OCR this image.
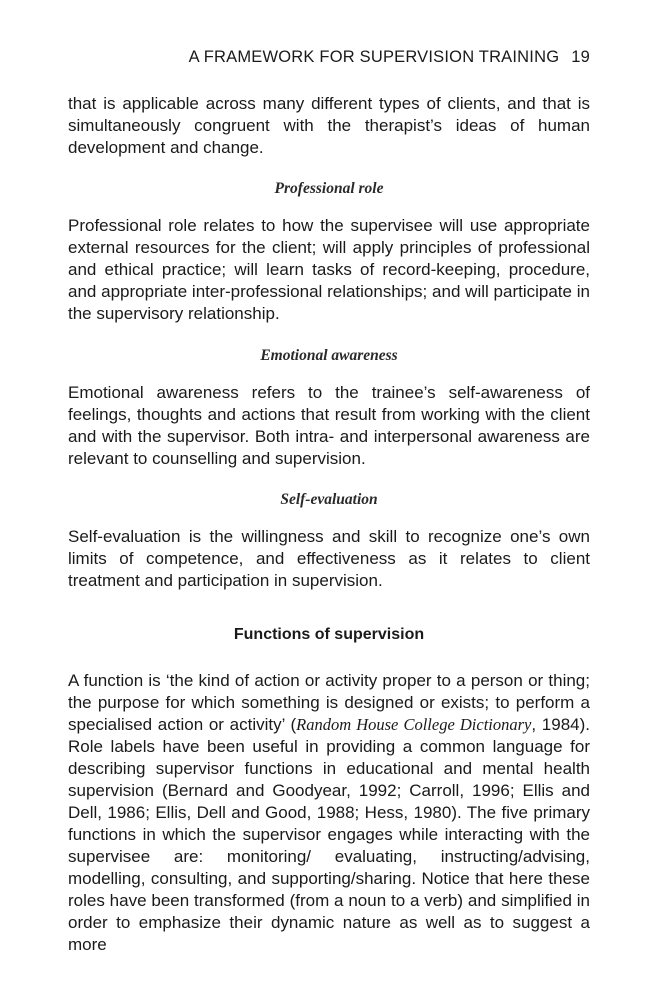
A FRAMEWORK FOR SUPERVISION TRAINING 19

that is applicable across many different types of clients, and that is simultaneously congruent with the therapist’s ideas of human development and change.

Professional role

Professional role relates to how the supervisee will use appropriate external resources for the client; will apply principles of professional and ethical practice; will learn tasks of record-keeping, procedure, and appropriate inter-professional relationships; and will participate in the supervisory relationship.

Emotional awareness

Emotional awareness refers to the trainee’s self-awareness of feelings, thoughts and actions that result from working with the client and with the supervisor. Both intra- and interpersonal awareness are relevant to counselling and supervision.

Self-evaluation

Self-evaluation is the willingness and skill to recognize one’s own limits of competence, and effectiveness as it relates to client treatment and participation in supervision.

Functions of supervision

A function is ‘the kind of action or activity proper to a person or thing; the purpose for which something is designed or exists; to perform a specialised action or activity’ (Random House College Dictionary, 1984). Role labels have been useful in providing a common language for describing supervisor functions in educational and mental health supervision (Bernard and Goodyear, 1992; Carroll, 1996; Ellis and Dell, 1986; Ellis, Dell and Good, 1988; Hess, 1980). The five primary functions in which the supervisor engages while interacting with the supervisee are: monitoring/ evaluating, instructing/advising, modelling, consulting, and supporting/sharing. Notice that here these roles have been transformed (from a noun to a verb) and simplified in order to emphasize their dynamic nature as well as to suggest a more
